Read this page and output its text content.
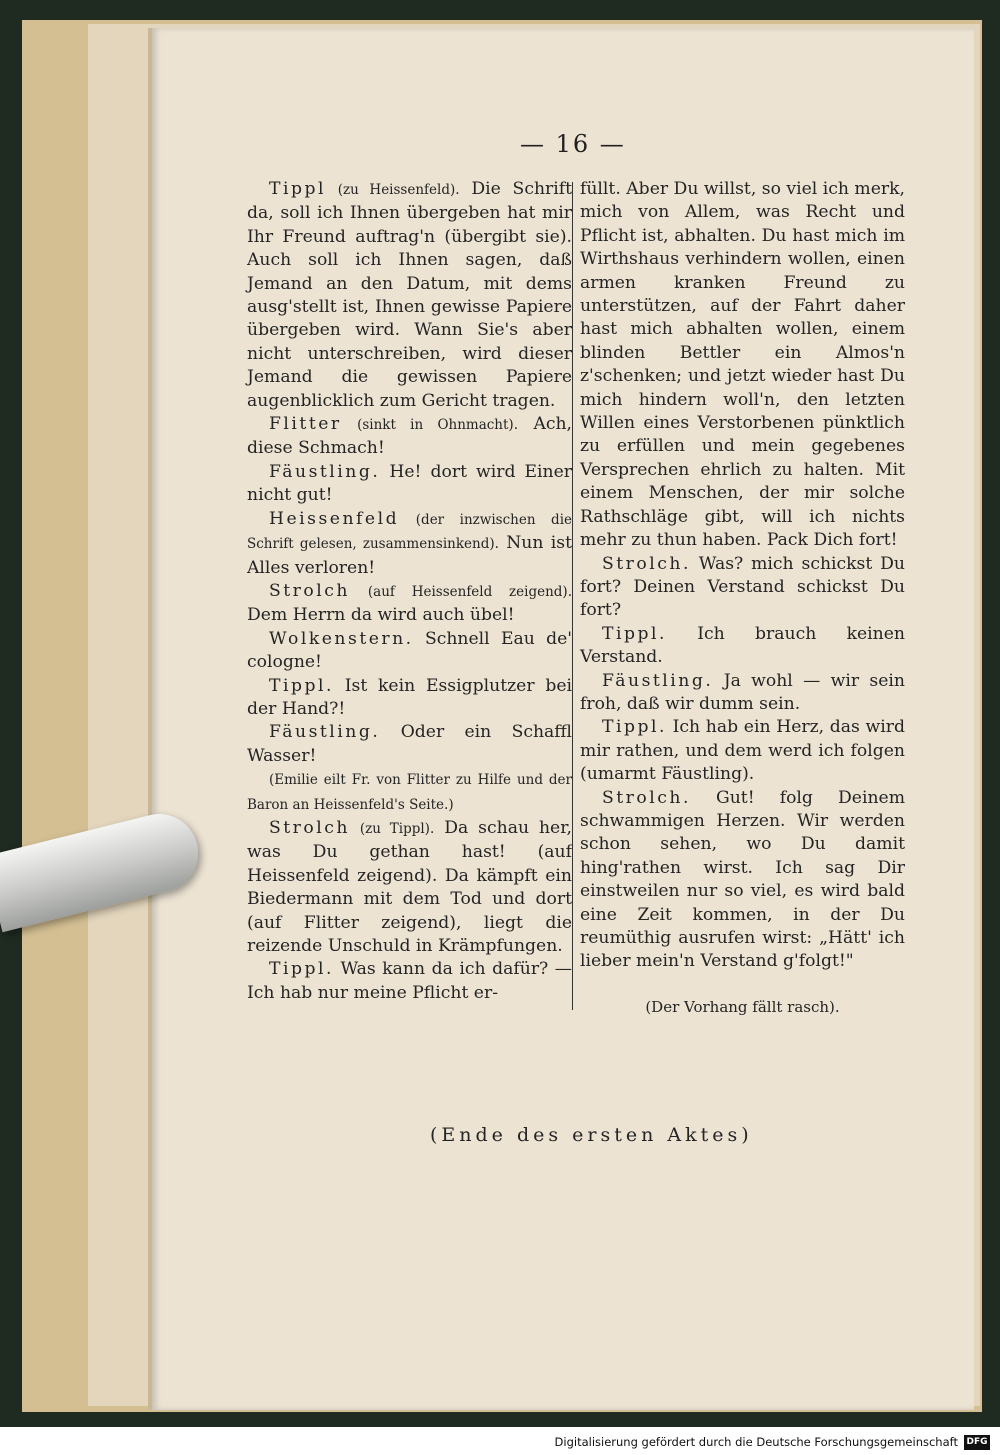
— 16 —

Tippl (zu Heissenfeld). Die Schrift da, soll ich Ihnen übergeben hat mir Ihr Freund auftrag'n (übergibt sie). Auch soll ich Ihnen sagen, daß Jemand an den Datum, mit dems ausg'stellt ist, Ihnen gewisse Papiere übergeben wird. Wann Sie's aber nicht unterschreiben, wird dieser Jemand die gewissen Papiere augenblicklich zum Gericht tragen.

Flitter (sinkt in Ohnmacht). Ach, diese Schmach!

Fäustling. He! dort wird Einer nicht gut!

Heissenfeld (der inzwischen die Schrift gelesen, zusammensinkend). Nun ist Alles verloren!

Strolch (auf Heissenfeld zeigend). Dem Herrn da wird auch übel!

Wolkenstern. Schnell Eau de' cologne!

Tippl. Ist kein Essigplutzer bei der Hand?!

Fäustling. Oder ein Schaffl Wasser!

(Emilie eilt Fr. von Flitter zu Hilfe und der Baron an Heissenfeld's Seite.)

Strolch (zu Tippl). Da schau her, was Du gethan hast! (auf Heissenfeld zeigend). Da kämpft ein Biedermann mit dem Tod und dort (auf Flitter zeigend), liegt die reizende Unschuld in Krämpfungen.

Tippl. Was kann da ich dafür? — Ich hab nur meine Pflicht er-

füllt. Aber Du willst, so viel ich merk, mich von Allem, was Recht und Pflicht ist, abhalten. Du hast mich im Wirthshaus verhindern wollen, einen armen kranken Freund zu unterstützen, auf der Fahrt daher hast mich abhalten wollen, einem blinden Bettler ein Almos'n z'schenken; und jetzt wieder hast Du mich hindern woll'n, den letzten Willen eines Verstorbenen pünktlich zu erfüllen und mein gegebenes Versprechen ehrlich zu halten. Mit einem Menschen, der mir solche Rathschläge gibt, will ich nichts mehr zu thun haben. Pack Dich fort!

Strolch. Was? mich schickst Du fort? Deinen Verstand schickst Du fort?

Tippl. Ich brauch keinen Verstand.

Fäustling. Ja wohl — wir sein froh, daß wir dumm sein.

Tippl. Ich hab ein Herz, das wird mir rathen, und dem werd ich folgen (umarmt Fäustling).

Strolch. Gut! folg Deinem schwammigen Herzen. Wir werden schon sehen, wo Du damit hing'rathen wirst. Ich sag Dir einstweilen nur so viel, es wird bald eine Zeit kommen, in der Du reumüthig ausrufen wirst: „Hätt' ich lieber mein'n Verstand g'folgt!"

(Der Vorhang fällt rasch).
(Ende des ersten Aktes)
Digitalisierung gefördert durch die Deutsche Forschungsgemeinschaft DFG
